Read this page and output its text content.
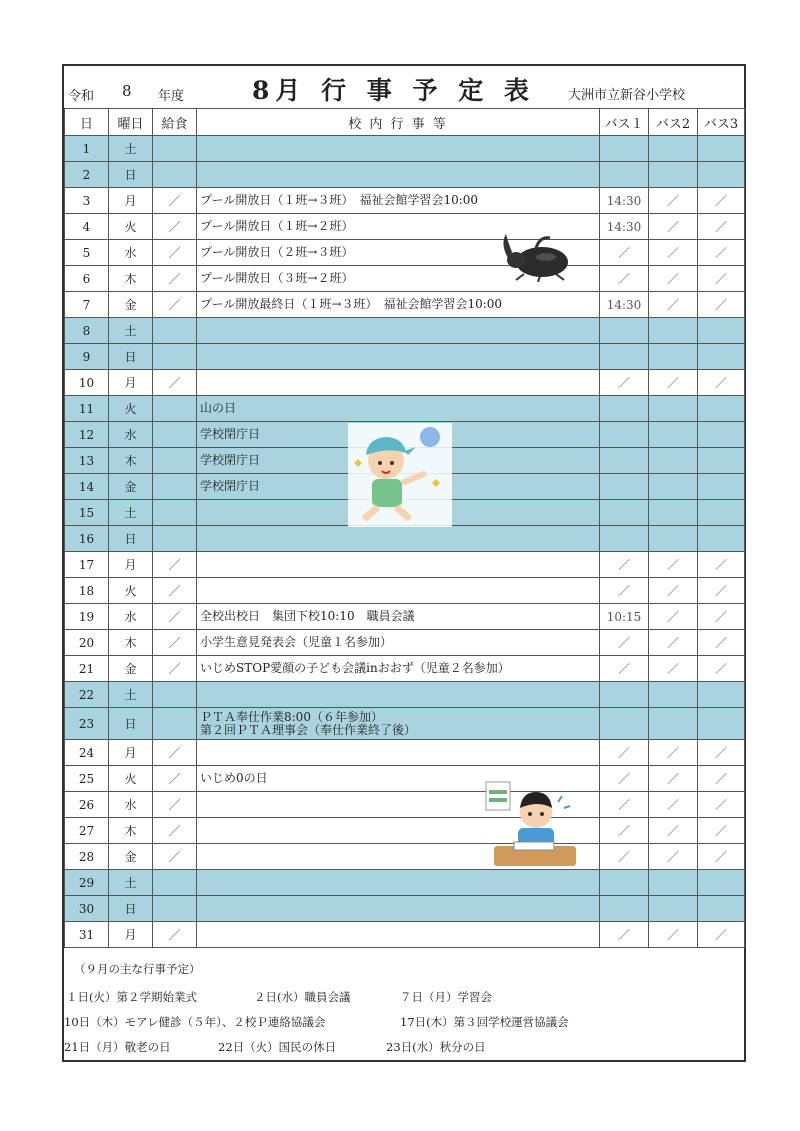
令和 8 年度	8月 行 事 予 定 表	大洲市立新谷小学校
日	曜日	給食	校 内 行 事 等	バス１	バス2	バス3
1	土					
2	日					
3	月	／	プール開放日（１班→３班）　福祉会館学習会10:00	14:30	／	／
4	火	／	プール開放日（１班→２班）	14:30	／	／
5	水	／	プール開放日（２班→３班）	／	／	／
6	木	／	プール開放日（３班→２班）	／	／	／
7	金	／	プール開放最終日（１班→３班）　福祉会館学習会10:00	14:30	／	／
8	土					
9	日					
10	月	／		／	／	／
11	火		山の日			

12	水		学校閉庁日			

13	木		学校閉庁日			

14	金		学校閉庁日			

15	土					
16	日					
17	月	／		／	／	／
18	火	／		／	／	／
19	水	／	全校出校日　集団下校10:10　職員会議	10:15	／	／
20	木	／	小学生意見発表会（児童１名参加）	／	／	／
21	金	／	いじめSTOP愛顔の子ども会議inおおず（児童２名参加）	／	／	／
22	土					
23	日		ＰＴＡ奉仕作業8:00（６年参加）
第２回ＰＴＡ理事会（奉仕作業終了後）			

24	月	／		／	／	／
25	火	／	いじめ0の日	／	／	／
26	水	／		／	／	／
27	木	／		／	／	／
28	金	／		／	／	／
29	土					
30	日					
31	月	／		／	／	／
（９月の主な行事予定）
１日(火）第２学期始業式	２日(水）職員会議	７日（月）学習会
10日（木）モアレ健診（５年）、２校Ｐ連絡協議会	17日(木）第３回学校運営協議会
21日（月）敬老の日	22日（火）国民の休日	23日(水）秋分の日
